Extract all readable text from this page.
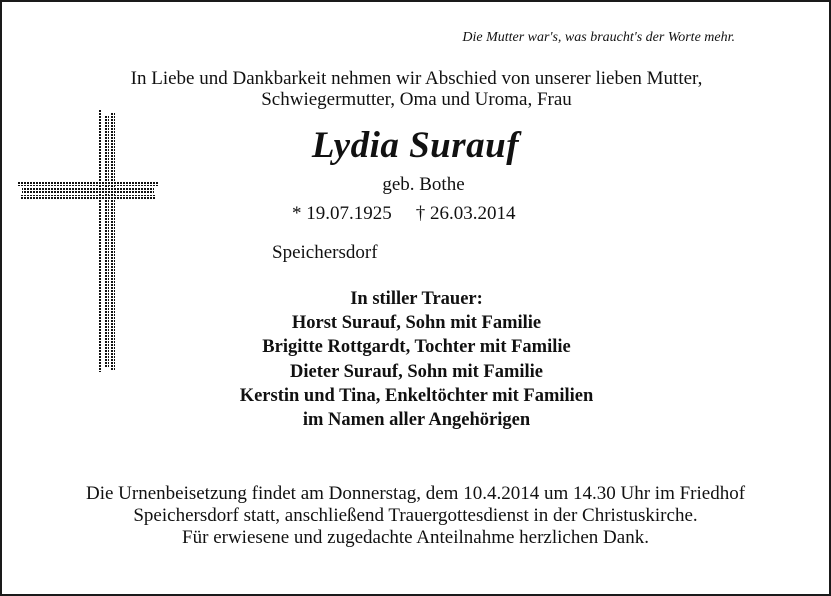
Die Mutter war's, was braucht's der Worte mehr.
In Liebe und Dankbarkeit nehmen wir Abschied von unserer lieben Mutter,
Schwiegermutter, Oma und Uroma, Frau
Lydia Surauf
geb. Bothe
* 19.07.1925 † 26.03.2014
Speichersdorf
In stiller Trauer:
Horst Surauf, Sohn mit Familie
Brigitte Rottgardt, Tochter mit Familie
Dieter Surauf, Sohn mit Familie
Kerstin und Tina, Enkeltöchter mit Familien
im Namen aller Angehörigen
Die Urnenbeisetzung findet am Donnerstag, dem 10.4.2014 um 14.30 Uhr im Friedhof
Speichersdorf statt, anschließend Trauergottesdienst in der Christuskirche.
Für erwiesene und zugedachte Anteilnahme herzlichen Dank.
